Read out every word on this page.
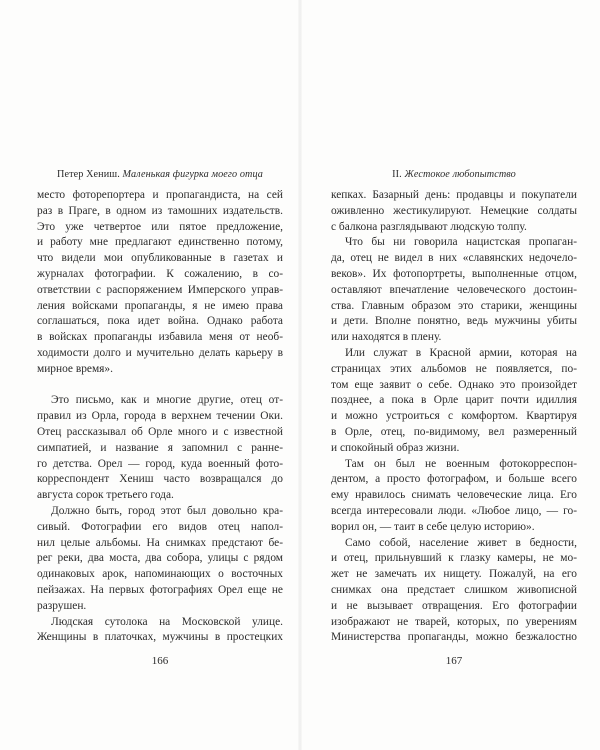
Петер Хениш. Маленькая фигурка моего отца
место фоторепортера и пропагандиста, на сей
раз в Праге, в одном из тамошних издательств.
Это уже четвертое или пятое предложение,
и работу мне предлагают единственно потому,
что видели мои опубликованные в газетах и
журналах фотографии. К сожалению, в со-
ответствии с распоряжением Имперского управ-
ления войсками пропаганды, я не имею права
соглашаться, пока идет война. Однако работа
в войсках пропаганды избавила меня от необ-
ходимости долго и мучительно делать карьеру в
мирное время».
Это письмо, как и многие другие, отец от-
правил из Орла, города в верхнем течении Оки.
Отец рассказывал об Орле много и с известной
симпатией, и название я запомнил с ранне-
го детства. Орел — город, куда военный фото-
корреспондент Хениш часто возвращался до
августа сорок третьего года.
Должно быть, город этот был довольно кра-
сивый. Фотографии его видов отец напол-
нил целые альбомы. На снимках предстают бе-
рег реки, два моста, два собора, улицы с рядом
одинаковых арок, напоминающих о восточных
пейзажах. На первых фотографиях Орел еще не
разрушен.
Людская сутолока на Московской улице.
Женщины в платочках, мужчины в простецких
166
II. Жестокое любопытство
кепках. Базарный день: продавцы и покупатели
оживленно жестикулируют. Немецкие солдаты
с балкона разглядывают людскую толпу.
Что бы ни говорила нацистская пропаган-
да, отец не видел в них «славянских недочело-
веков». Их фотопортреты, выполненные отцом,
оставляют впечатление человеческого достоин-
ства. Главным образом это старики, женщины
и дети. Вполне понятно, ведь мужчины убиты
или находятся в плену.
Или служат в Красной армии, которая на
страницах этих альбомов не появляется, по-
том еще заявит о себе. Однако это произойдет
позднее, а пока в Орле царит почти идиллия
и можно устроиться с комфортом. Квартируя
в Орле, отец, по-видимому, вел размеренный
и спокойный образ жизни.
Там он был не военным фотокорреспон-
дентом, а просто фотографом, и больше всего
ему нравилось снимать человеческие лица. Его
всегда интересовали люди. «Любое лицо, — го-
ворил он, — таит в себе целую историю».
Само собой, население живет в бедности,
и отец, прильнувший к глазку камеры, не мо-
жет не замечать их нищету. Пожалуй, на его
снимках она предстает слишком живописной
и не вызывает отвращения. Его фотографии
изображают не тварей, которых, по уверениям
Министерства пропаганды, можно безжалостно
167
